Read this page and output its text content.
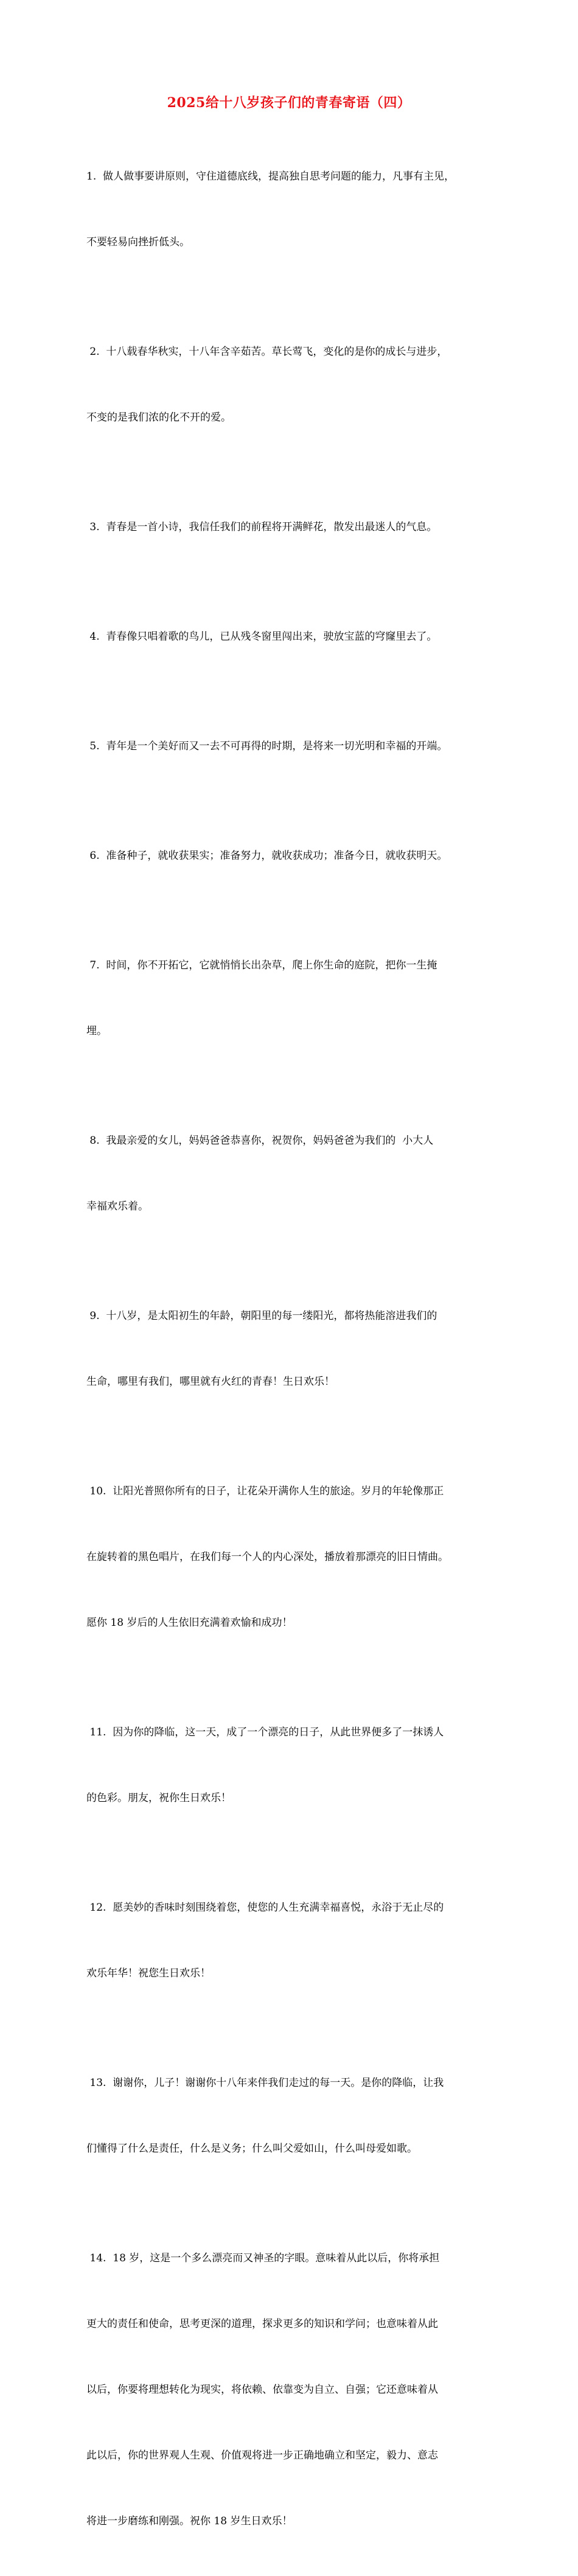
2025给十八岁孩子们的青春寄语（四）

1.  做人做事要讲原则，守住道德底线，提高独自思考问题的能力，凡事有主见，

不要轻易向挫折低头。

2.  十八载春华秋实，十八年含辛茹苦。草长莺飞，变化的是你的成长与进步，

不变的是我们浓的化不开的爱。

3.  青春是一首小诗，我信任我们的前程将开满鲜花，散发出最迷人的气息。

4.  青春像只唱着歌的鸟儿，已从残冬窗里闯出来，驶放宝蓝的穹窿里去了。

5.  青年是一个美好而又一去不可再得的时期，是将来一切光明和幸福的开端。

6.  准备种子，就收获果实；准备努力，就收获成功；准备今日，就收获明天。

7.  时间，你不开拓它，它就悄悄长出杂草，爬上你生命的庭院，把你一生掩

埋。

8.  我最亲爱的女儿，妈妈爸爸恭喜你，祝贺你，妈妈爸爸为我们的  小大人

幸福欢乐着。

9.  十八岁，是太阳初生的年龄，朝阳里的每一缕阳光，都将热能溶进我们的

生命，哪里有我们，哪里就有火红的青春！生日欢乐！

10.  让阳光普照你所有的日子，让花朵开满你人生的旅途。岁月的年轮像那正

在旋转着的黑色唱片，在我们每一个人的内心深处，播放着那漂亮的旧日情曲。

愿你 18 岁后的人生依旧充满着欢愉和成功！

11.  因为你的降临，这一天，成了一个漂亮的日子，从此世界便多了一抹诱人

的色彩。朋友，祝你生日欢乐！

12.  愿美妙的香味时刻围绕着您，使您的人生充满幸福喜悦，永浴于无止尽的

欢乐年华！祝您生日欢乐！

13.  谢谢你，儿子！谢谢你十八年来伴我们走过的每一天。是你的降临，让我

们懂得了什么是责任，什么是义务；什么叫父爱如山，什么叫母爱如歌。

14.  18 岁，这是一个多么漂亮而又神圣的字眼。意味着从此以后，你将承担

更大的责任和使命，思考更深的道理，探求更多的知识和学问；也意味着从此

以后，你要将理想转化为现实，将依赖、依靠变为自立、自强；它还意味着从

此以后，你的世界观人生观、价值观将进一步正确地确立和坚定，毅力、意志

将进一步磨练和刚强。祝你 18 岁生日欢乐！
